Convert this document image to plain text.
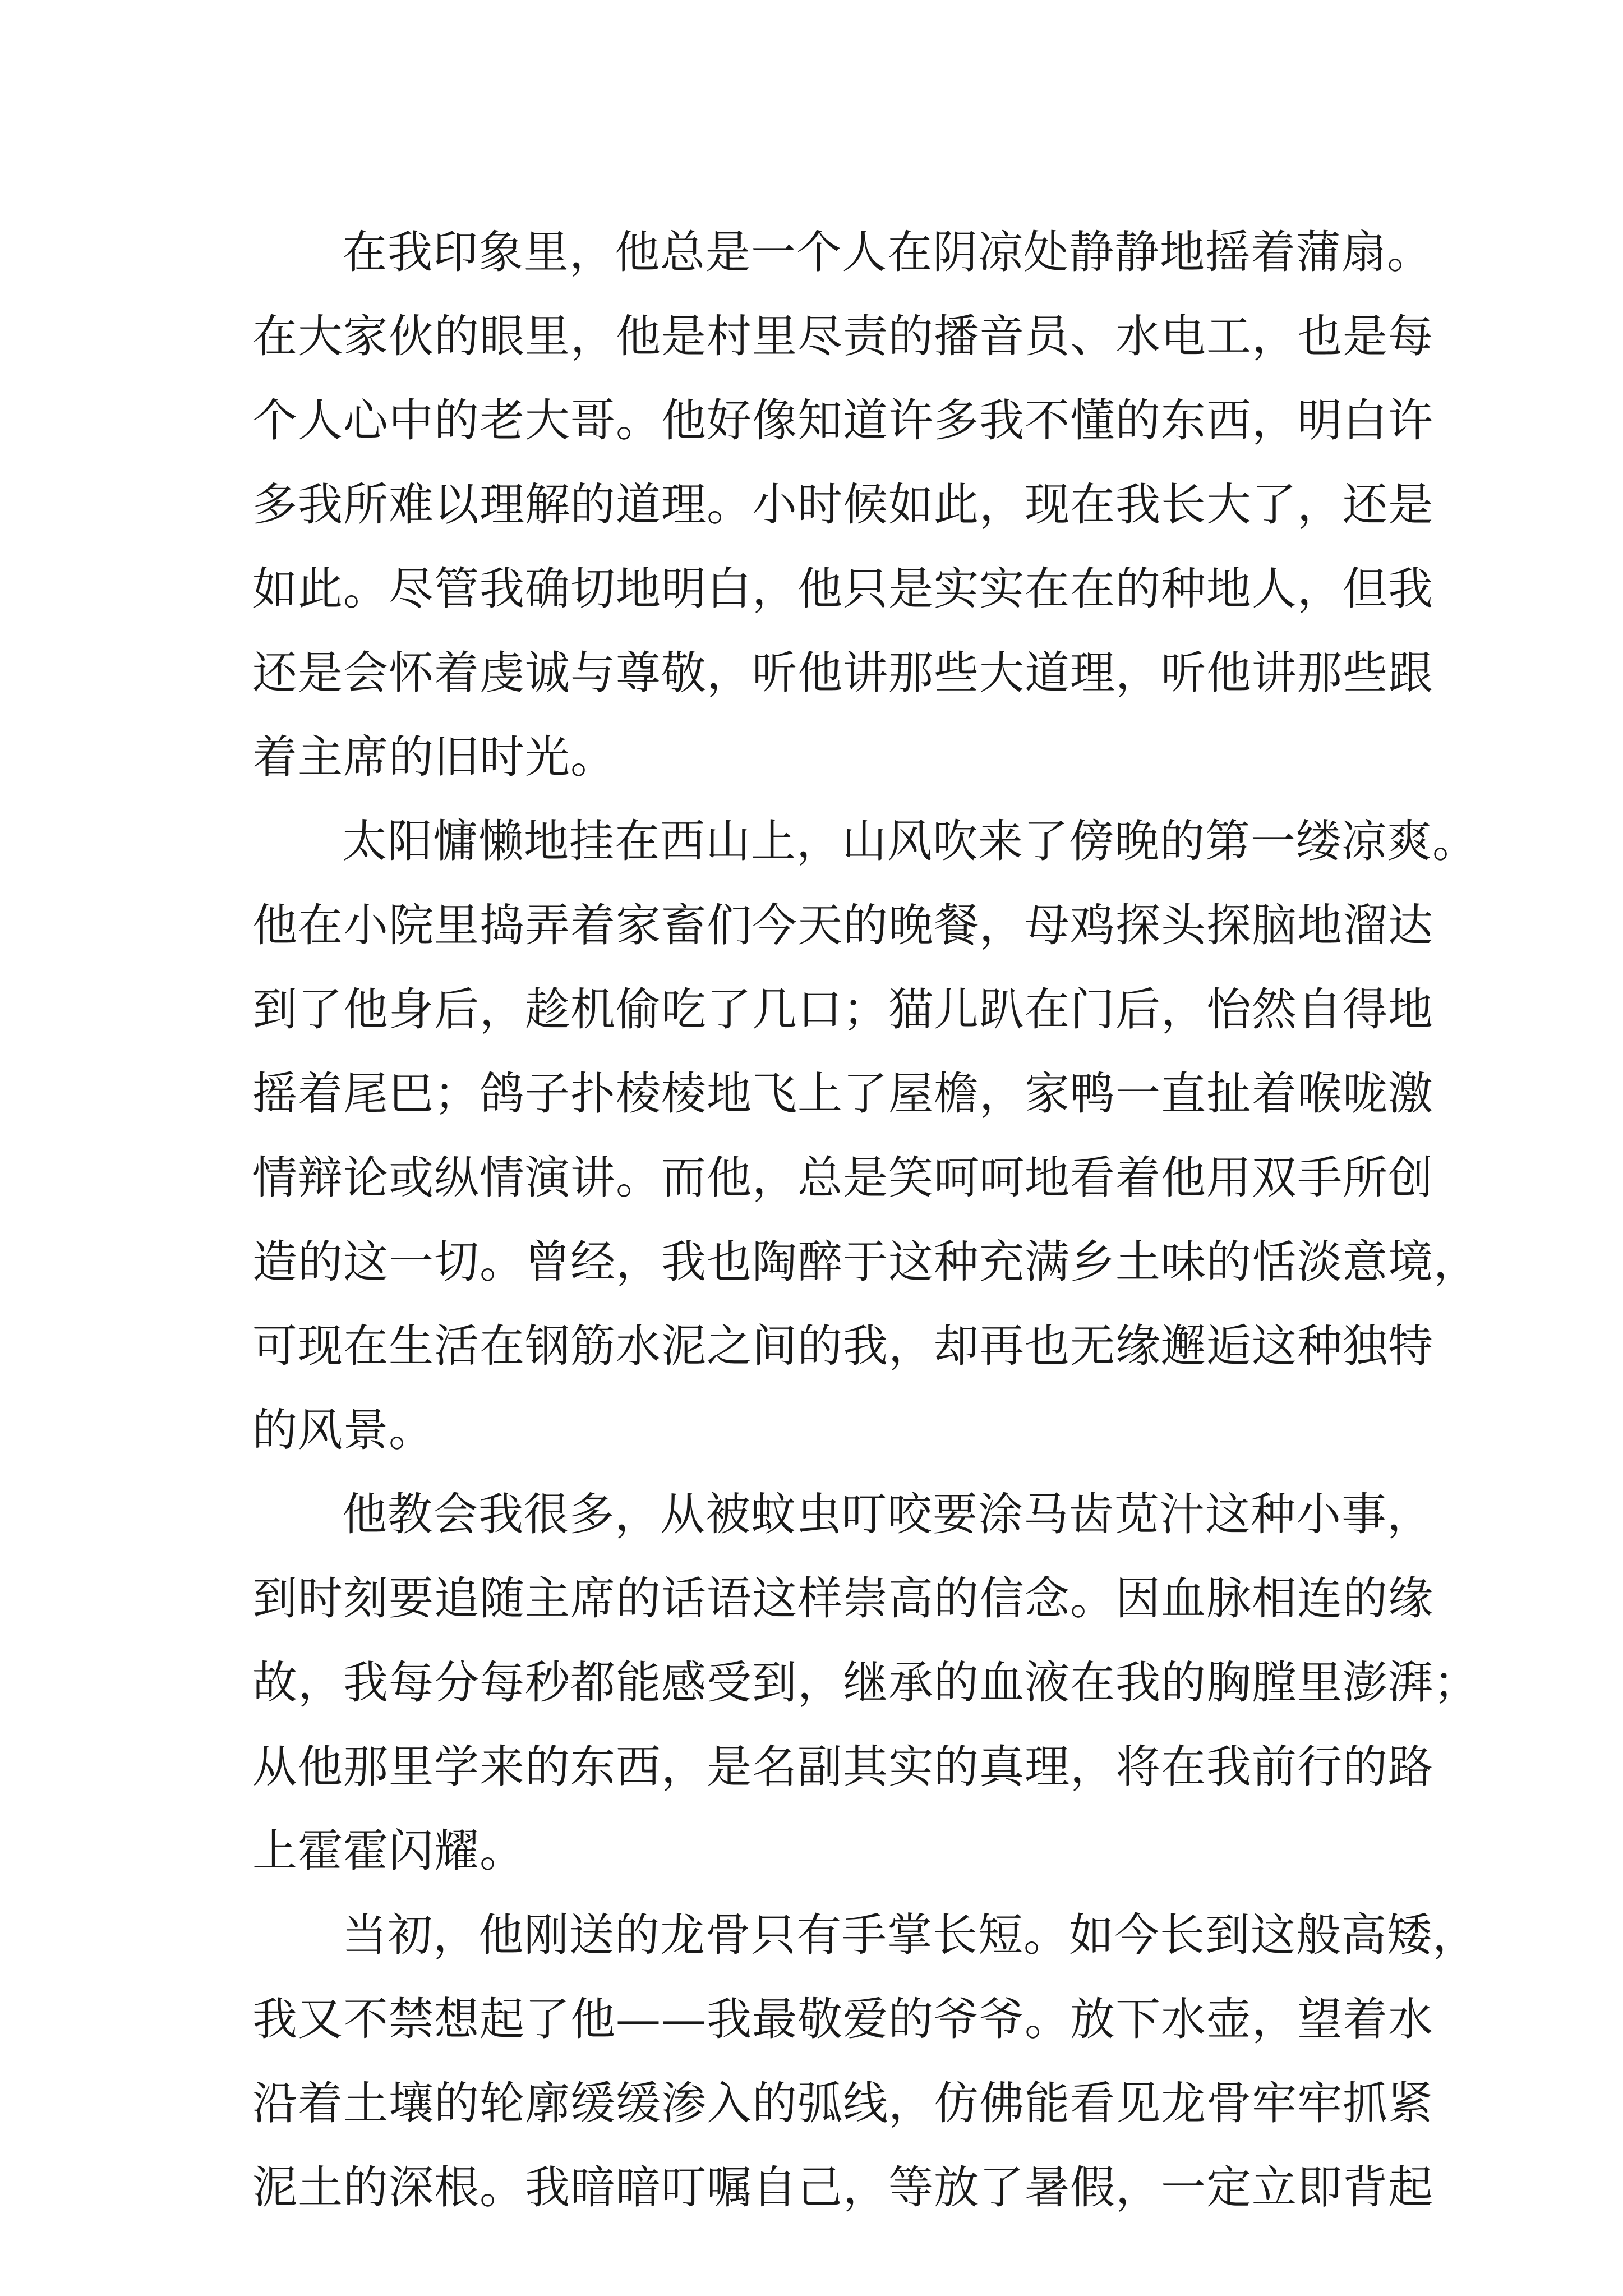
在我印象里，他总是一个人在阴凉处静静地摇着蒲扇。
在大家伙的眼里，他是村里尽责的播音员、水电工，也是每
个人心中的老大哥。他好像知道许多我不懂的东西，明白许
多我所难以理解的道理。小时候如此，现在我长大了，还是
如此。尽管我确切地明白，他只是实实在在的种地人，但我
还是会怀着虔诚与尊敬，听他讲那些大道理，听他讲那些跟
着主席的旧时光。
太阳慵懒地挂在西山上，山风吹来了傍晚的第一缕凉爽。
他在小院里捣弄着家畜们今天的晚餐，母鸡探头探脑地溜达
到了他身后，趁机偷吃了几口；猫儿趴在门后，怡然自得地
摇着尾巴；鸽子扑棱棱地飞上了屋檐，家鸭一直扯着喉咙激
情辩论或纵情演讲。而他，总是笑呵呵地看着他用双手所创
造的这一切。曾经，我也陶醉于这种充满乡土味的恬淡意境，
可现在生活在钢筋水泥之间的我，却再也无缘邂逅这种独特
的风景。
他教会我很多，从被蚊虫叮咬要涂马齿苋汁这种小事，
到时刻要追随主席的话语这样崇高的信念。因血脉相连的缘
故，我每分每秒都能感受到，继承的血液在我的胸膛里澎湃；
从他那里学来的东西，是名副其实的真理，将在我前行的路
上霍霍闪耀。
当初，他刚送的龙骨只有手掌长短。如今长到这般高矮，
我又不禁想起了他——我最敬爱的爷爷。放下水壶，望着水
沿着土壤的轮廓缓缓渗入的弧线，仿佛能看见龙骨牢牢抓紧
泥土的深根。我暗暗叮嘱自己，等放了暑假，一定立即背起
